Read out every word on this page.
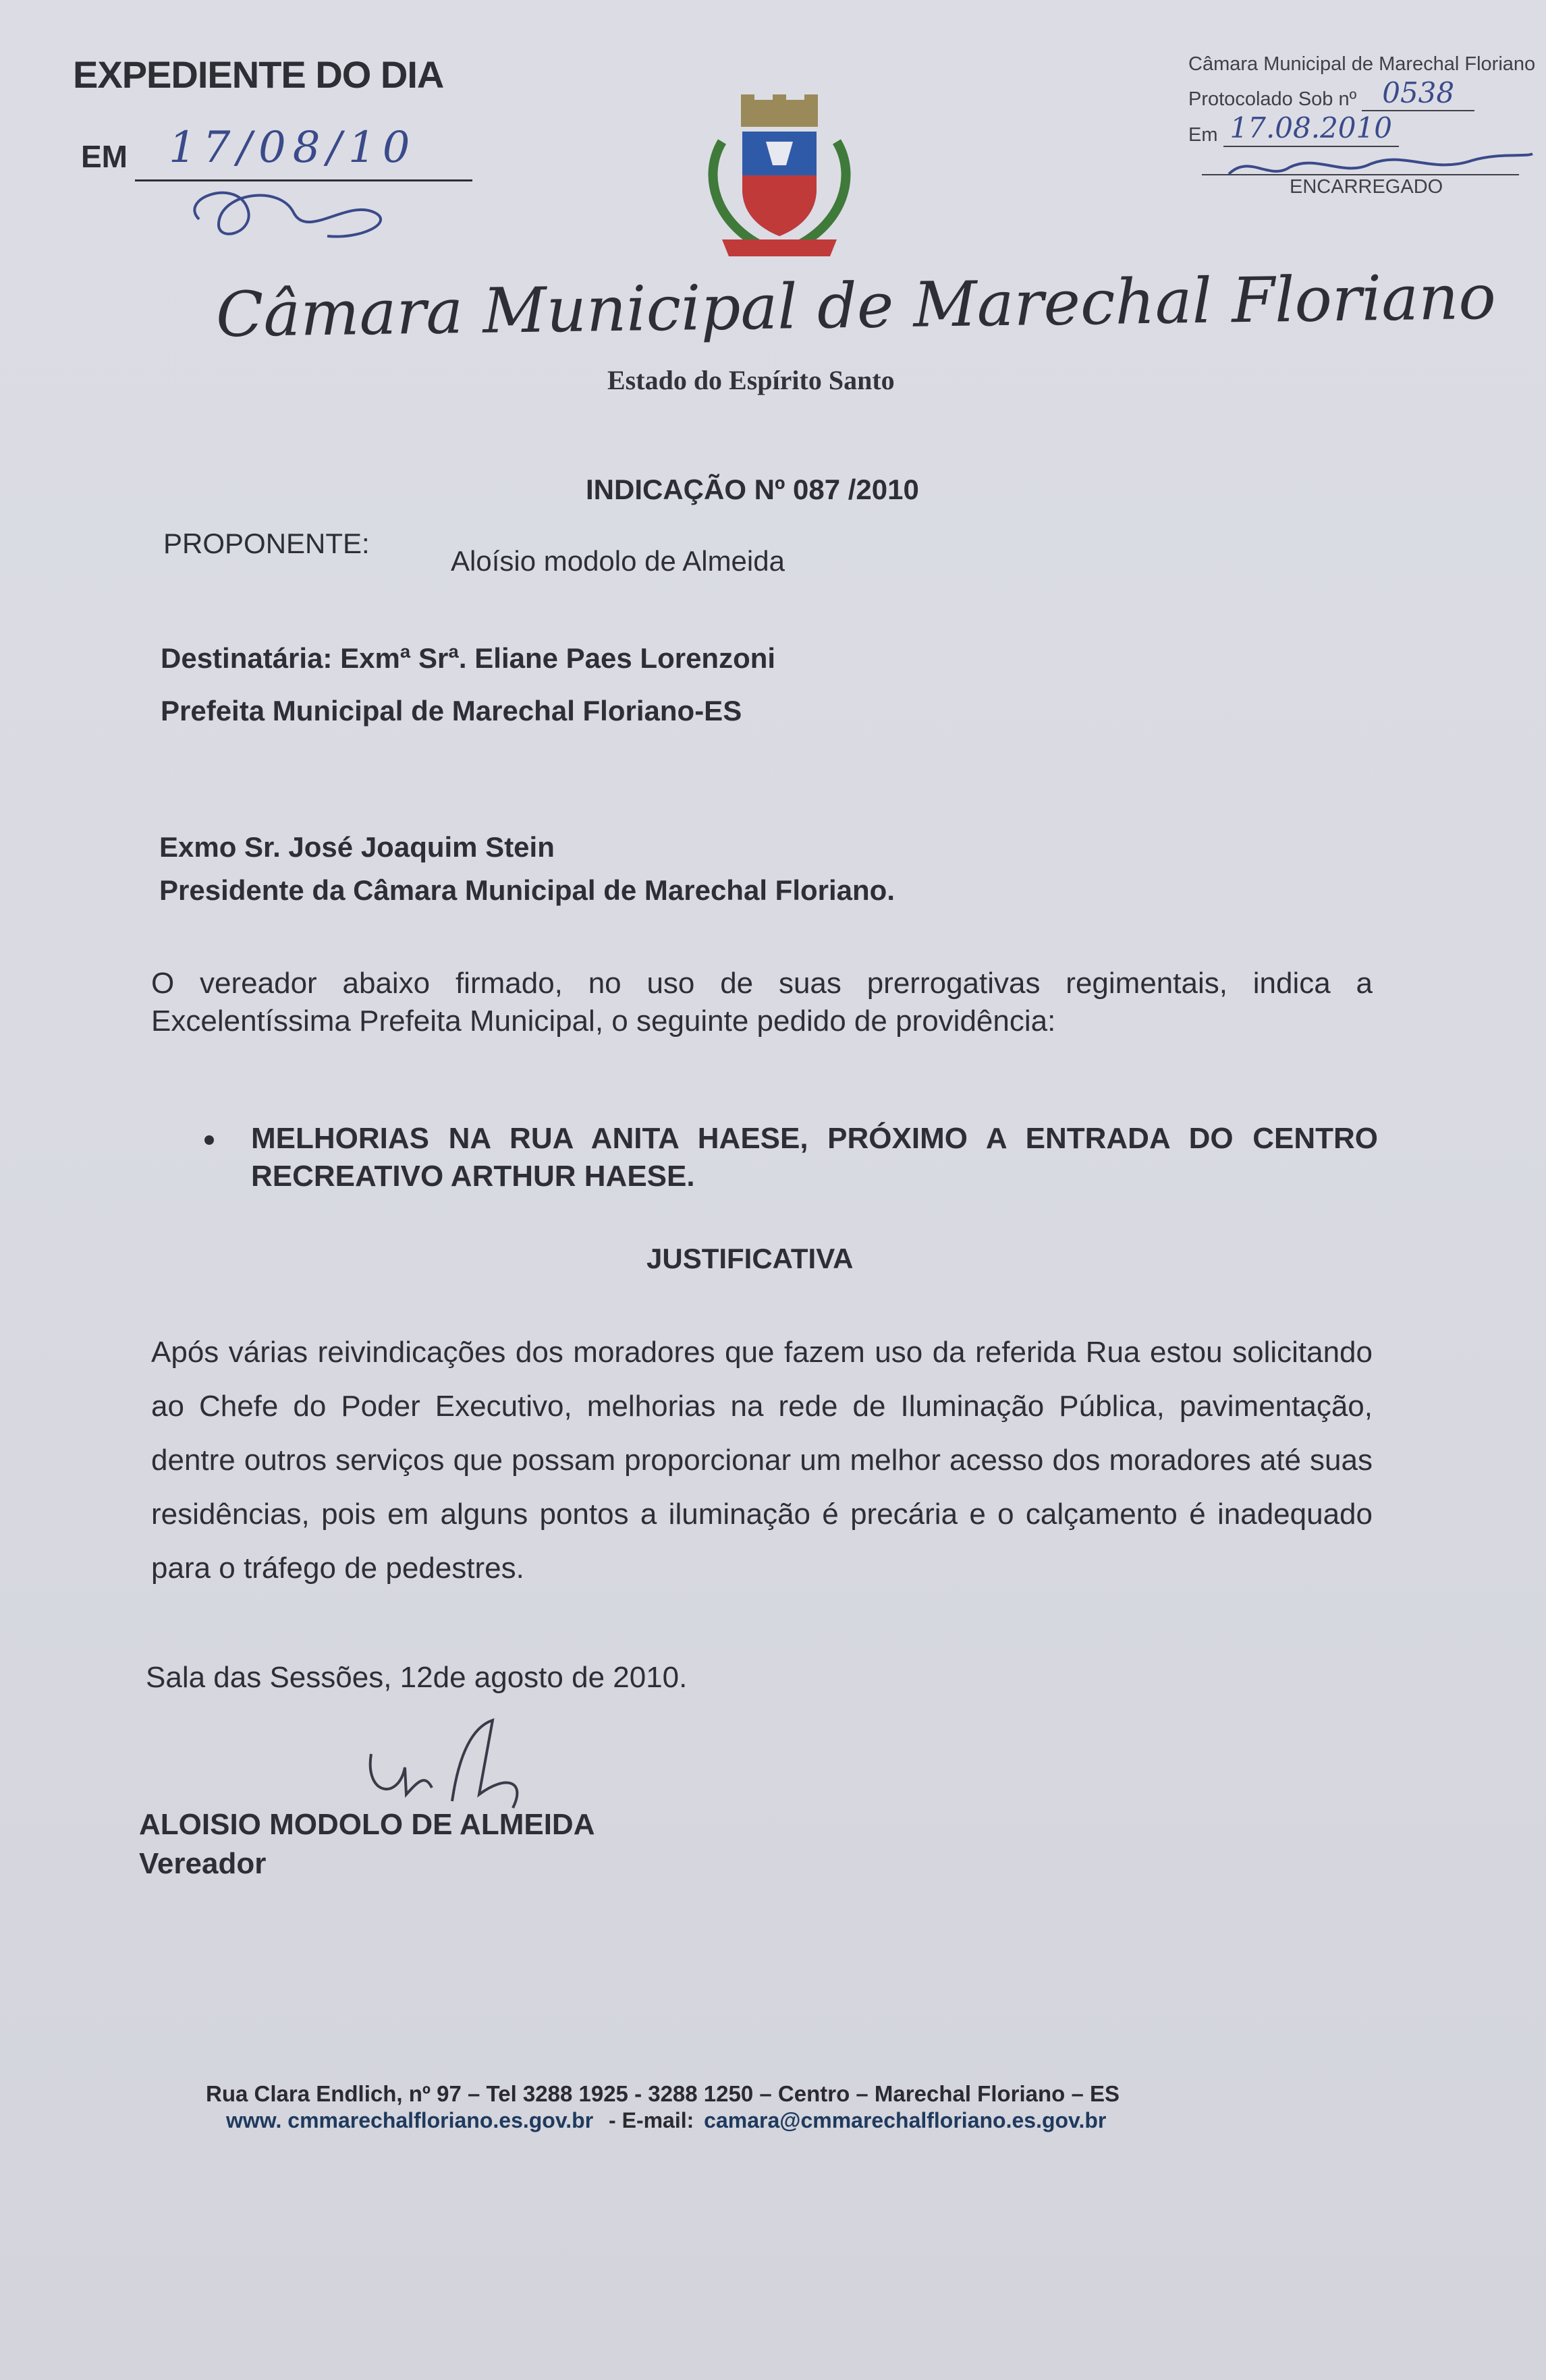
EXPEDIENTE DO DIA
EM 17/08/10
Câmara Municipal de Marechal Floriano
Protocolado Sob nº 0538
Em 17.08.2010
ENCARREGADO
Câmara Municipal de Marechal Floriano
Estado do Espírito Santo
INDICAÇÃO Nº 087 /2010
PROPONENTE:
Aloísio modolo de Almeida
Destinatária: Exmª Srª. Eliane Paes Lorenzoni
Prefeita Municipal de Marechal Floriano-ES
Exmo Sr. José Joaquim Stein
Presidente da Câmara Municipal de Marechal Floriano.
O vereador abaixo firmado, no uso de suas prerrogativas regimentais, indica a Excelentíssima Prefeita Municipal, o seguinte pedido de providência:
MELHORIAS NA RUA ANITA HAESE, PRÓXIMO A ENTRADA DO CENTRO RECREATIVO ARTHUR HAESE.
JUSTIFICATIVA
Após várias reivindicações dos moradores que fazem uso da referida Rua estou solicitando ao Chefe do Poder Executivo, melhorias na rede de Iluminação Pública, pavimentação, dentre outros serviços que possam proporcionar um melhor acesso dos moradores até suas residências, pois em alguns pontos a iluminação é precária e o calçamento é inadequado para o tráfego de pedestres.
Sala das Sessões, 12de agosto de 2010.
ALOISIO MODOLO DE ALMEIDA
Vereador
Rua Clara Endlich, nº 97 – Tel 3288 1925 - 3288 1250 – Centro – Marechal Floriano – ES
www. cmmarechalfloriano.es.gov.br - E-mail: camara@cmmarechalfloriano.es.gov.br
